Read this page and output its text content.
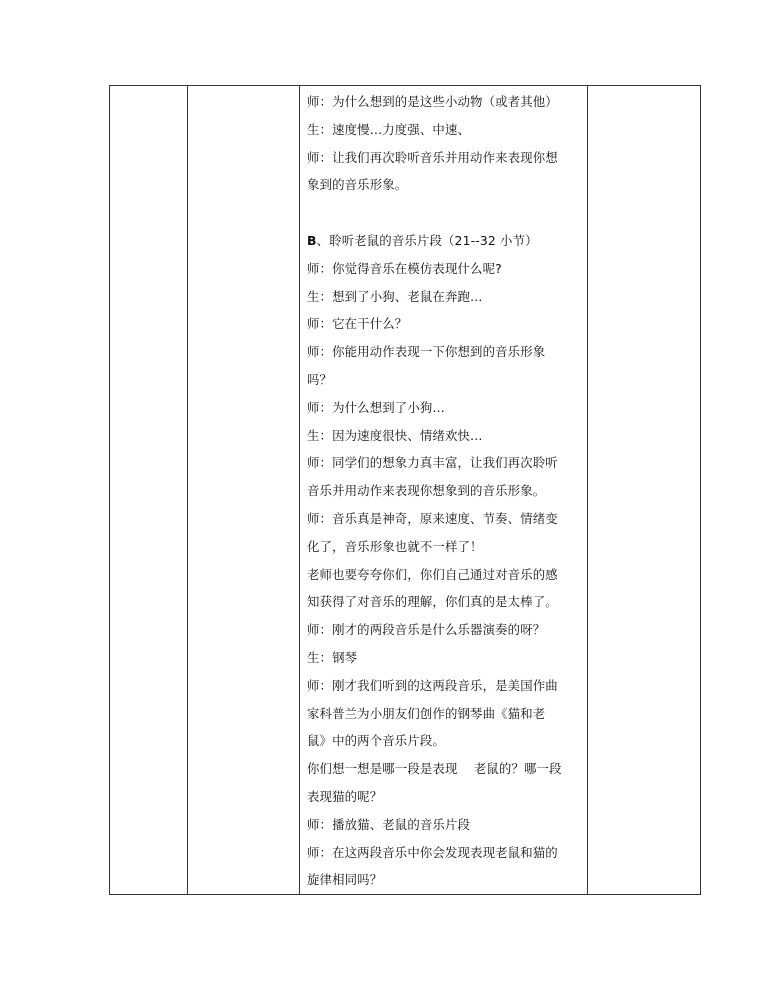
师：为什么想到的是这些小动物（或者其他）
生：速度慢…力度强、中速、
师：让我们再次聆听音乐并用动作来表现你想
象到的音乐形象。
B、聆听老鼠的音乐片段（21--32 小节）
师：你觉得音乐在模仿表现什么呢?
生：想到了小狗、老鼠在奔跑…
师：它在干什么？
师：你能用动作表现一下你想到的音乐形象
吗？
师：为什么想到了小狗…
生：因为速度很快、情绪欢快…
师：同学们的想象力真丰富，让我们再次聆听
音乐并用动作来表现你想象到的音乐形象。
师：音乐真是神奇，原来速度、节奏、情绪变
化了，音乐形象也就不一样了！
老师也要夸夸你们，你们自己通过对音乐的感
知获得了对音乐的理解，你们真的是太棒了。
师：刚才的两段音乐是什么乐器演奏的呀？
生：钢琴
师：刚才我们听到的这两段音乐，是美国作曲
家科普兰为小朋友们创作的钢琴曲《猫和老
鼠》中的两个音乐片段。
你们想一想是哪一段是表现    老鼠的？哪一段
表现猫的呢？
师：播放猫、老鼠的音乐片段
师：在这两段音乐中你会发现表现老鼠和猫的
旋律相同吗？
